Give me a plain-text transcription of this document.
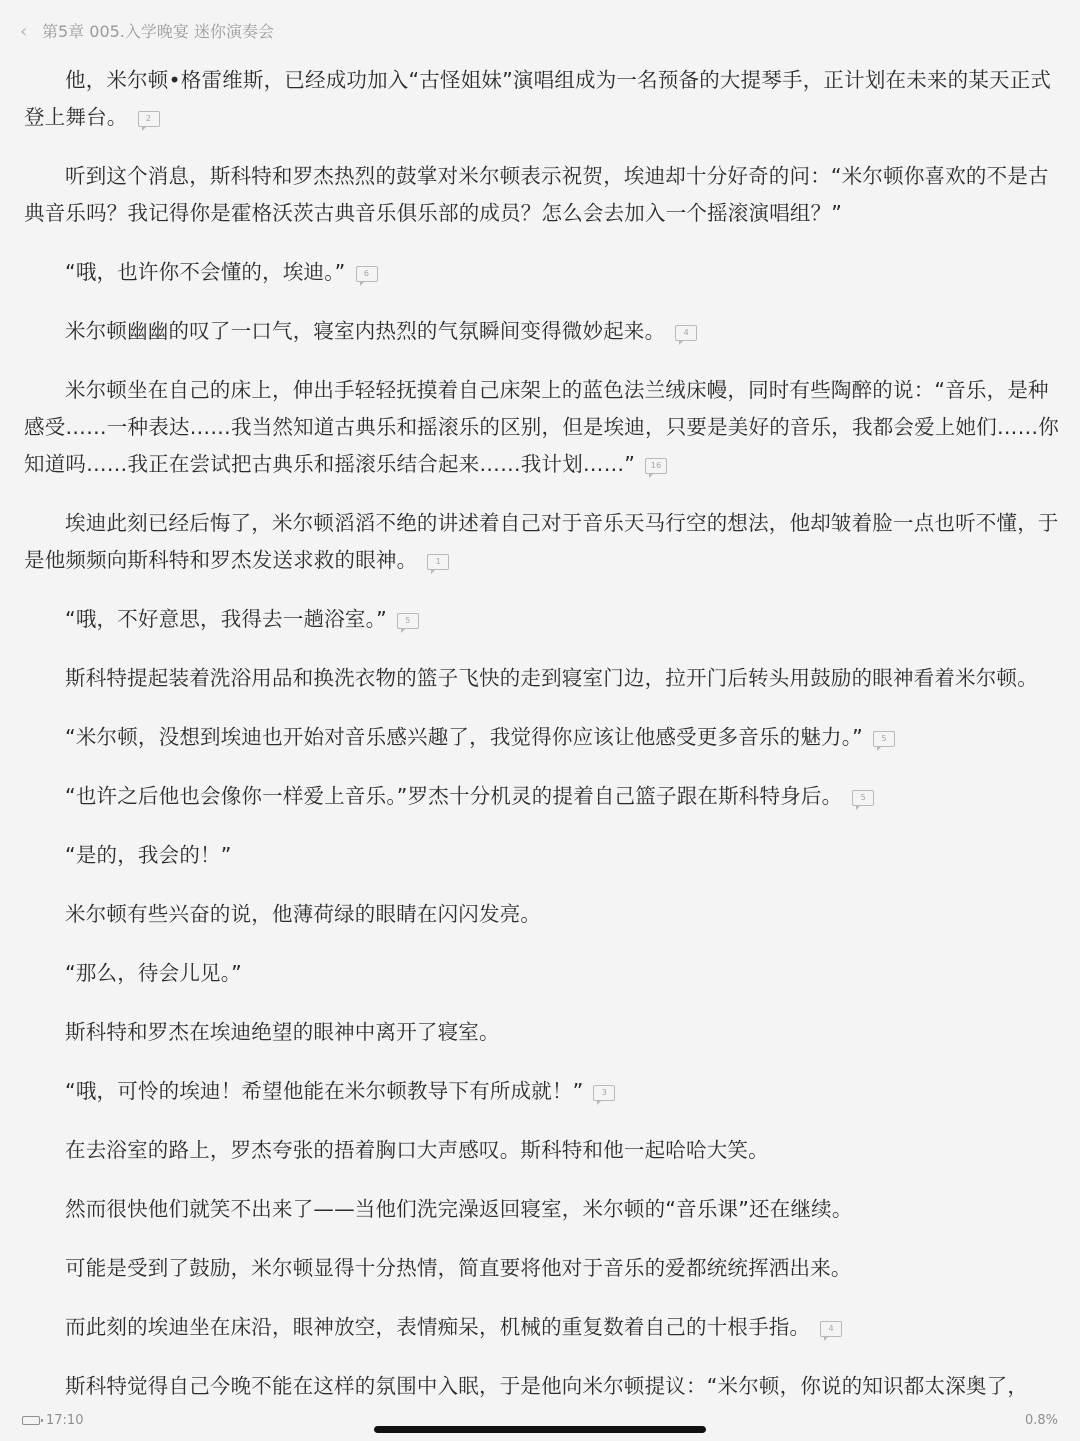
‹ 第5章 005.入学晚宴 迷你演奏会

他，米尔顿•格雷维斯，已经成功加入“古怪姐妹”演唱组成为一名预备的大提琴手，正计划在未来的某天正式登上舞台。 2

听到这个消息，斯科特和罗杰热烈的鼓掌对米尔顿表示祝贺，埃迪却十分好奇的问：“米尔顿你喜欢的不是古典音乐吗？我记得你是霍格沃茨古典音乐俱乐部的成员？怎么会去加入一个摇滚演唱组？”

“哦，也许你不会懂的，埃迪。” 6

米尔顿幽幽的叹了一口气，寝室内热烈的气氛瞬间变得微妙起来。 4

米尔顿坐在自己的床上，伸出手轻轻抚摸着自己床架上的蓝色法兰绒床幔，同时有些陶醉的说：“音乐，是种感受……一种表达……我当然知道古典乐和摇滚乐的区别，但是埃迪，只要是美好的音乐，我都会爱上她们……你知道吗……我正在尝试把古典乐和摇滚乐结合起来……我计划……” 16

埃迪此刻已经后悔了，米尔顿滔滔不绝的讲述着自己对于音乐天马行空的想法，他却皱着脸一点也听不懂，于是他频频向斯科特和罗杰发送求救的眼神。 1

“哦，不好意思，我得去一趟浴室。” 5

斯科特提起装着洗浴用品和换洗衣物的篮子飞快的走到寝室门边，拉开门后转头用鼓励的眼神看着米尔顿。

“米尔顿，没想到埃迪也开始对音乐感兴趣了，我觉得你应该让他感受更多音乐的魅力。” 5

“也许之后他也会像你一样爱上音乐。”罗杰十分机灵的提着自己篮子跟在斯科特身后。 5

“是的，我会的！”

米尔顿有些兴奋的说，他薄荷绿的眼睛在闪闪发亮。

“那么，待会儿见。”

斯科特和罗杰在埃迪绝望的眼神中离开了寝室。

“哦，可怜的埃迪！希望他能在米尔顿教导下有所成就！” 3

在去浴室的路上，罗杰夸张的捂着胸口大声感叹。斯科特和他一起哈哈大笑。

然而很快他们就笑不出来了——当他们洗完澡返回寝室，米尔顿的“音乐课”还在继续。

可能是受到了鼓励，米尔顿显得十分热情，简直要将他对于音乐的爱都统统挥洒出来。

而此刻的埃迪坐在床沿，眼神放空，表情痴呆，机械的重复数着自己的十根手指。 4

斯科特觉得自己今晚不能在这样的氛围中入眠，于是他向米尔顿提议：“米尔顿，你说的知识都太深奥了，

17:10	0.8%
